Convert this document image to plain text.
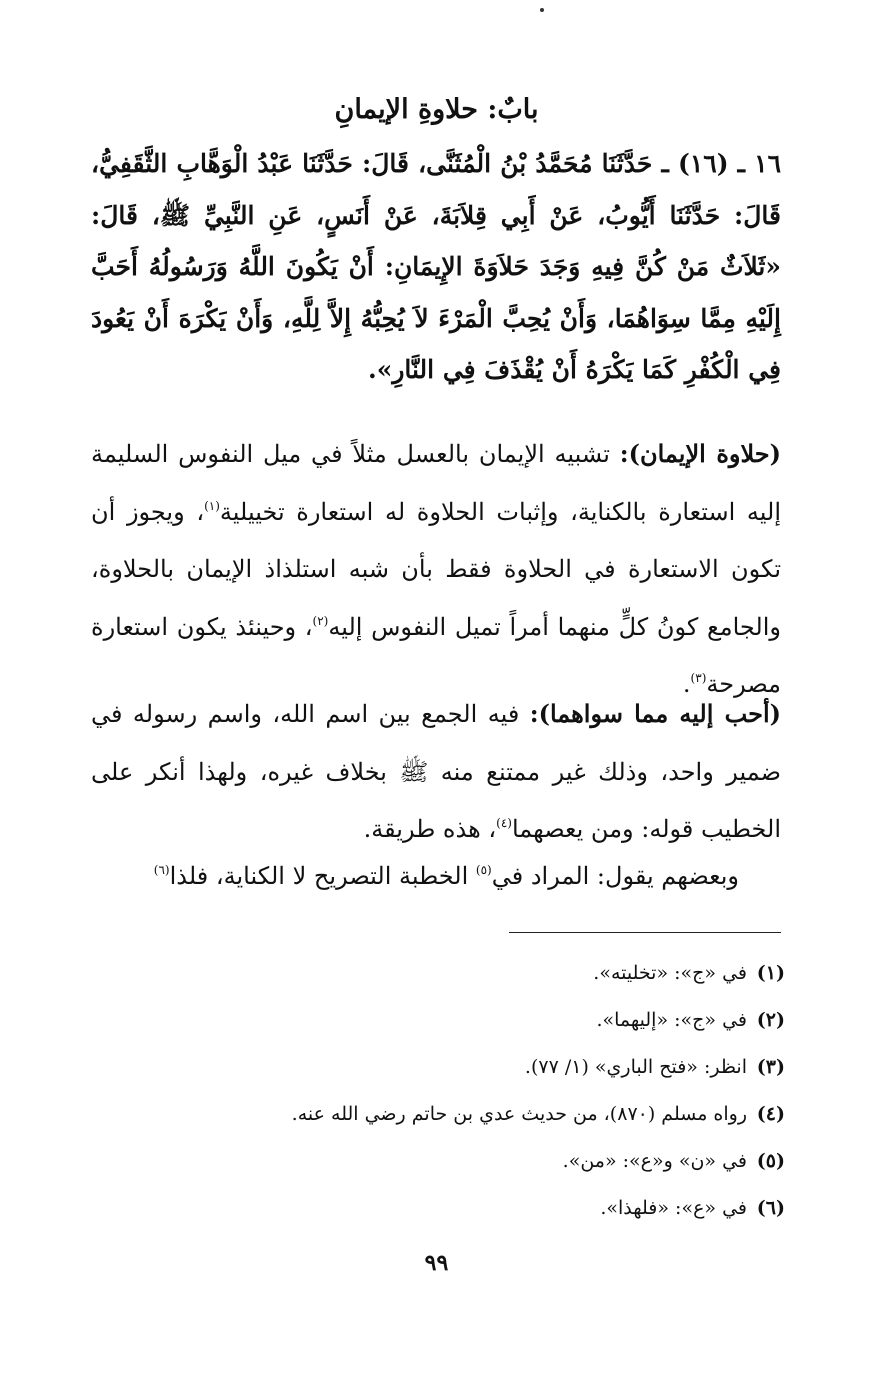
بابٌ: حلاوةِ الإيمانِ
١٦ ـ (١٦) ـ حَدَّثَنَا مُحَمَّدُ بْنُ الْمُثَنَّى، قَالَ: حَدَّثَنَا عَبْدُ الْوَهَّابِ الثَّقَفِيُّ، قَالَ: حَدَّثَنَا أَيُّوبُ، عَنْ أَبِي قِلاَبَةَ، عَنْ أَنَسٍ، عَنِ النَّبِيِّ ﷺ، قَالَ: «ثَلاَثٌ مَنْ كُنَّ فِيهِ وَجَدَ حَلاَوَةَ الإِيمَانِ: أَنْ يَكُونَ اللَّهُ وَرَسُولُهُ أَحَبَّ إِلَيْهِ مِمَّا سِوَاهُمَا، وَأَنْ يُحِبَّ الْمَرْءَ لاَ يُحِبُّهُ إِلاَّ لِلَّهِ، وَأَنْ يَكْرَهَ أَنْ يَعُودَ فِي الْكُفْرِ كَمَا يَكْرَهُ أَنْ يُقْذَفَ فِي النَّارِ».

(حلاوة الإيمان): تشبيه الإيمان بالعسل مثلاً في ميل النفوس السليمة إليه استعارة بالكناية، وإثبات الحلاوة له استعارة تخييلية$^{(١)}$، ويجوز أن تكون الاستعارة في الحلاوة فقط بأن شبه استلذاذ الإيمان بالحلاوة، والجامع كونُ كلٍّ منهما أمراً تميل النفوس إليه$^{(٢)}$، وحينئذ يكون استعارة مصرحة$^{(٣)}$.

(أحب إليه مما سواهما): فيه الجمع بين اسم الله، واسم رسوله في ضمير واحد، وذلك غير ممتنع منه ﷺ بخلاف غيره، ولهذا أنكر على الخطيب قوله: ومن يعصهما$^{(٤)}$، هذه طريقة.

وبعضهم يقول: المراد في$^{(٥)}$ الخطبة التصريح لا الكناية، فلذا$^{(٦)}$

(١)في «ج»: «تخليته».
(٢)في «ج»: «إليهما».
(٣)انظر: «فتح الباري» (١/ ٧٧).
(٤)رواه مسلم (٨٧٠)، من حديث عدي بن حاتم رضي الله عنه.
(٥)في «ن» و«ع»: «من».
(٦)في «ع»: «فلهذا».
٩٩
